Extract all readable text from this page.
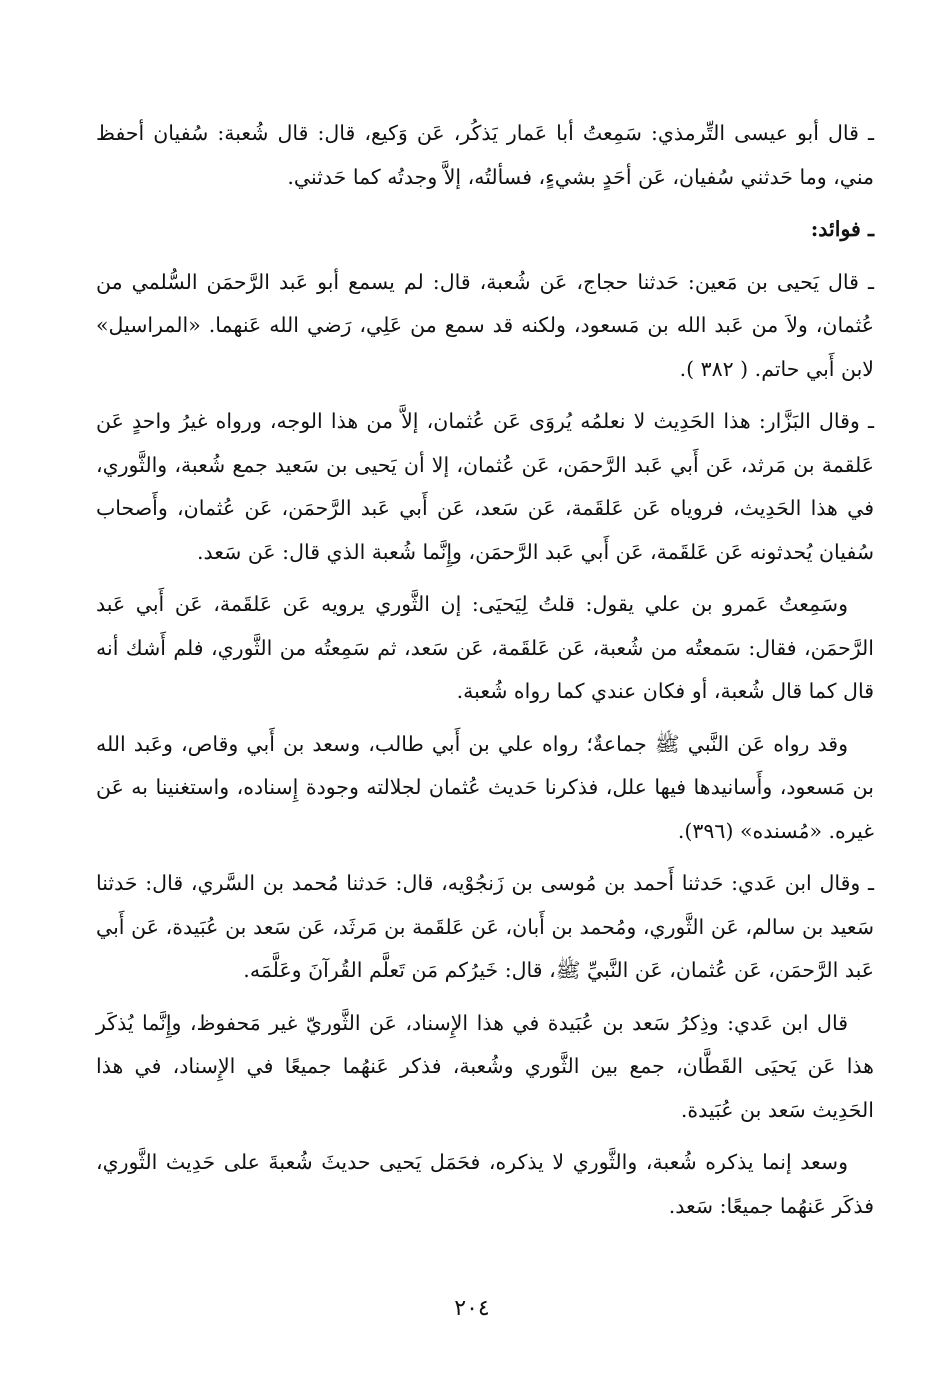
ـ قال أبو عيسى التِّرمذي: سَمِعتُ أبا عَمار يَذكُر، عَن وَكيع، قال: قال شُعبة: سُفيان أحفظ مني، وما حَدثني سُفيان، عَن أحَدٍ بشيءٍ، فسألتُه، إلاَّ وجدتُه كما حَدثني.

ـ فوائد:

ـ قال يَحيى بن مَعين: حَدثنا حجاج، عَن شُعبة، قال: لم يسمع أبو عَبد الرَّحمَن السُّلمي من عُثمان، ولاَ من عَبد الله بن مَسعود، ولكنه قد سمع من عَلِي، رَضي الله عَنهما. «المراسيل» لابن أَبي حاتم. ( ٣٨٢ ).

ـ وقال البَزَّار: هذا الحَدِيث لا نعلمُه يُروَى عَن عُثمان، إلاَّ من هذا الوجه، ورواه غيرُ واحدٍ عَن عَلقمة بن مَرثد، عَن أَبي عَبد الرَّحمَن، عَن عُثمان، إلا أن يَحيى بن سَعيد جمع شُعبة، والثَّوري، في هذا الحَدِيث، فروياه عَن عَلقَمة، عَن سَعد، عَن أَبي عَبد الرَّحمَن، عَن عُثمان، وأَصحاب سُفيان يُحدثونه عَن عَلقَمة، عَن أَبي عَبد الرَّحمَن، وإِنَّما شُعبة الذي قال: عَن سَعد.

وسَمِعتُ عَمرو بن علي يقول: قلتُ لِيَحيَى: إن الثَّوري يرويه عَن عَلقَمة، عَن أَبي عَبد الرَّحمَن، فقال: سَمعتُه من شُعبة، عَن عَلقَمة، عَن سَعد، ثم سَمِعتُه من الثَّوري، فلم أَشك أنه قال كما قال شُعبة، أو فكان عندي كما رواه شُعبة.

وقد رواه عَن النَّبي ﷺ جماعةٌ؛ رواه علي بن أَبي طالب، وسعد بن أَبي وقاص، وعَبد الله بن مَسعود، وأَسانيدها فيها علل، فذكرنا حَديث عُثمان لجلالته وجودة إِسناده، واستغنينا به عَن غيره. «مُسنده» (٣٩٦).

ـ وقال ابن عَدي: حَدثنا أَحمد بن مُوسى بن زَنجُوْيه، قال: حَدثنا مُحمد بن السَّري، قال: حَدثنا سَعيد بن سالم، عَن الثَّوري، ومُحمد بن أَبان، عَن عَلقَمة بن مَرثَد، عَن سَعد بن عُبَيدة، عَن أَبي عَبد الرَّحمَن، عَن عُثمان، عَن النَّبيِّ ﷺ، قال: خَيرُكم مَن تَعلَّم القُرآنَ وعَلَّمَه.

قال ابن عَدي: وذِكرُ سَعد بن عُبَيدة في هذا الإِسناد، عَن الثَّوريّ غير مَحفوظ، وإِنَّما يُذكَر هذا عَن يَحيَى القَطَّان، جمع بين الثَّوري وشُعبة، فذكر عَنهُما جميعًا في الإِسناد، في هذا الحَدِيث سَعد بن عُبَيدة.

وسعد إنما يذكره شُعبة، والثَّوري لا يذكره، فحَمَل يَحيى حديثَ شُعبةَ على حَدِيث الثَّوري، فذكَر عَنهُما جميعًا: سَعد.

٢٠٤
